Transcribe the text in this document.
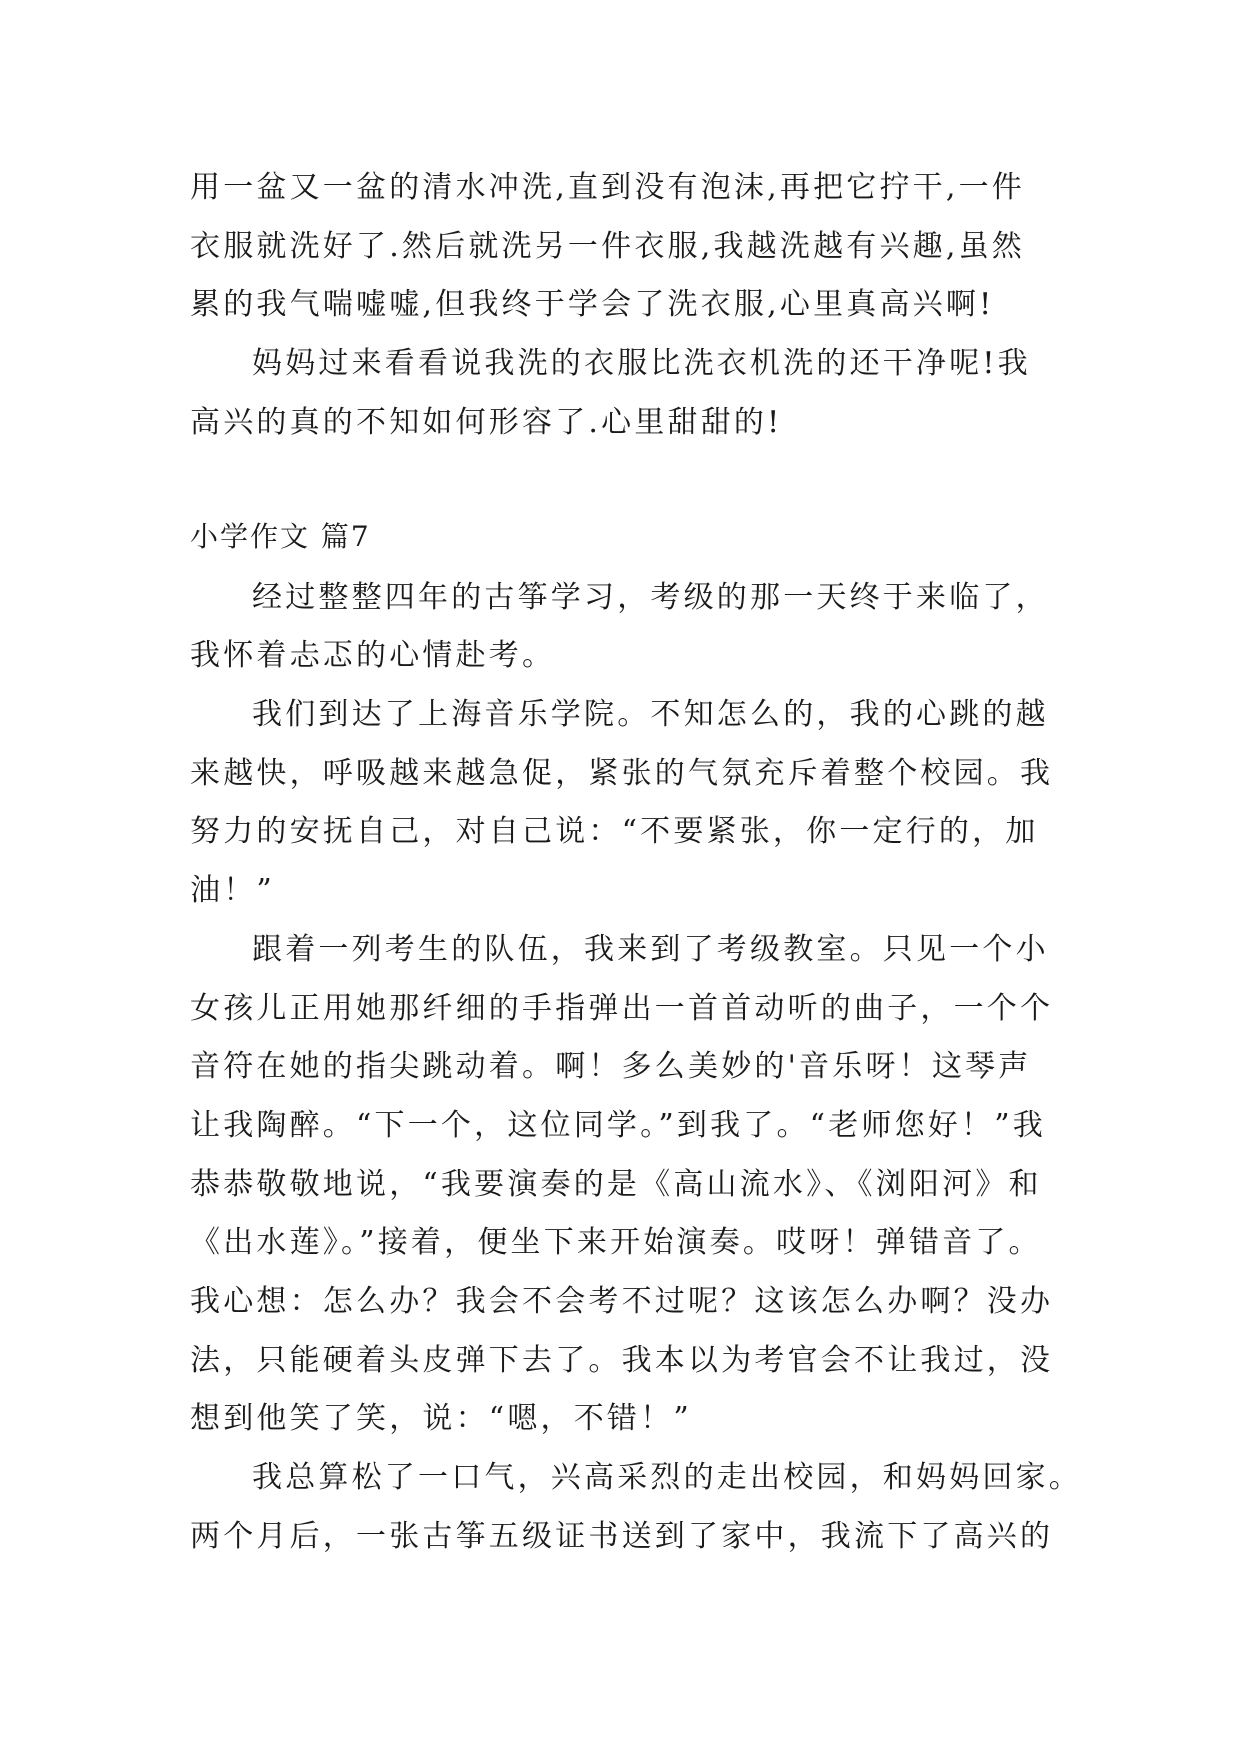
用一盆又一盆的清水冲洗,直到没有泡沫,再把它拧干,一件
衣服就洗好了.然后就洗另一件衣服,我越洗越有兴趣,虽然
累的我气喘嘘嘘,但我终于学会了洗衣服,心里真高兴啊!
妈妈过来看看说我洗的衣服比洗衣机洗的还干净呢!我
高兴的真的不知如何形容了.心里甜甜的!
小学作文 篇7
经过整整四年的古筝学习，考级的那一天终于来临了，
我怀着忐忑的心情赴考。
我们到达了上海音乐学院。不知怎么的，我的心跳的越
来越快，呼吸越来越急促，紧张的气氛充斥着整个校园。我
努力的安抚自己，对自己说：“不要紧张，你一定行的，加
油！”
跟着一列考生的队伍，我来到了考级教室。只见一个小
女孩儿正用她那纤细的手指弹出一首首动听的曲子，一个个
音符在她的指尖跳动着。啊！多么美妙的'音乐呀！这琴声
让我陶醉。“下一个，这位同学。”到我了。“老师您好！”我
恭恭敬敬地说，“我要演奏的是《高山流水》、《浏阳河》和
《出水莲》。”接着，便坐下来开始演奏。哎呀！弹错音了。
我心想：怎么办？我会不会考不过呢？这该怎么办啊？没办
法，只能硬着头皮弹下去了。我本以为考官会不让我过，没
想到他笑了笑，说：“嗯，不错！”
我总算松了一口气，兴高采烈的走出校园，和妈妈回家。
两个月后，一张古筝五级证书送到了家中，我流下了高兴的
